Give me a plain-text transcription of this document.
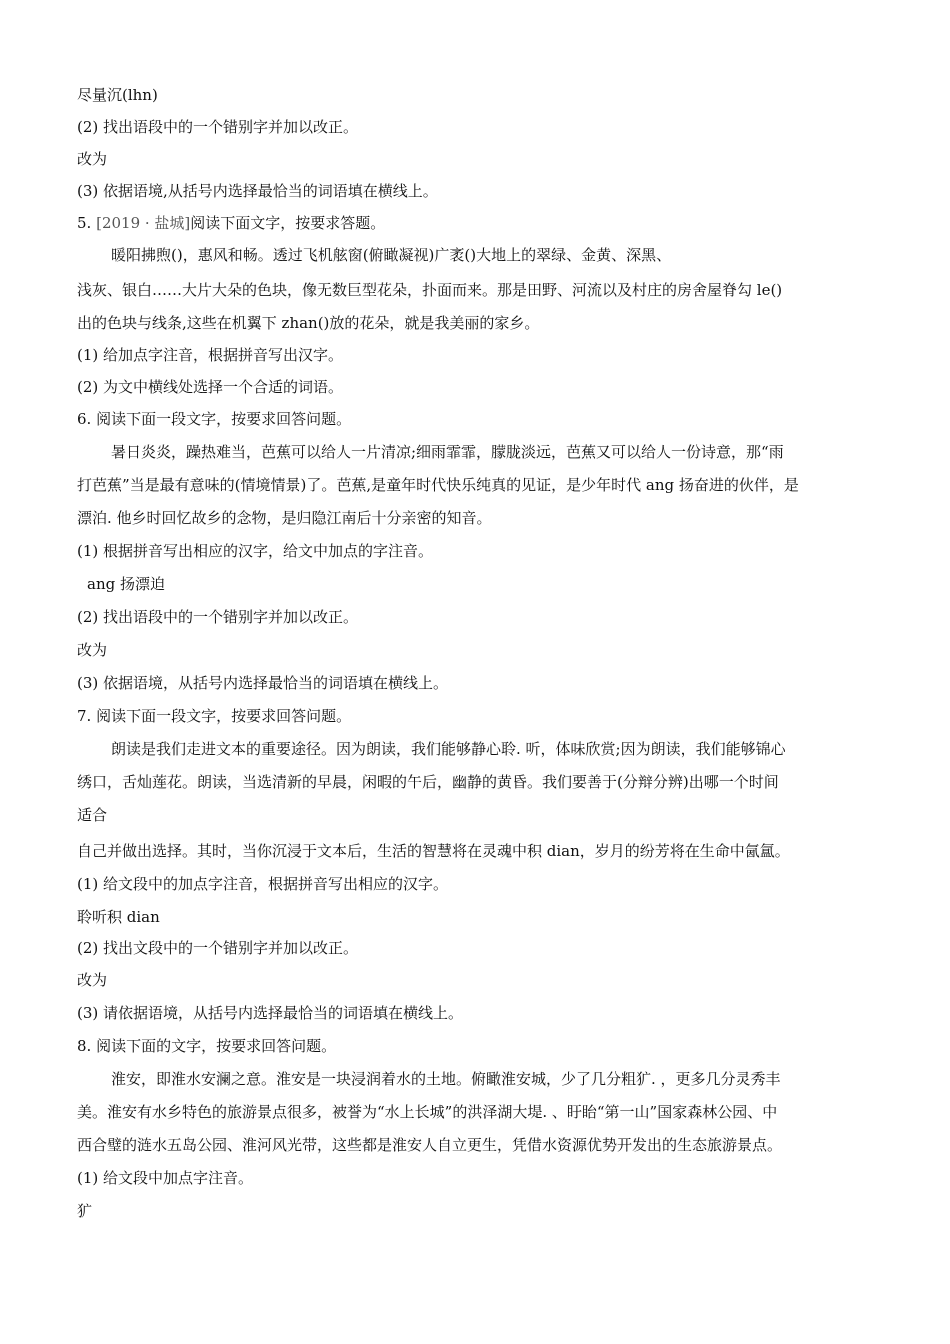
尽量沉(lhn)
(2) 找出语段中的一个错别字并加以改正。
改为
(3) 依据语境,从括号内选择最恰当的词语填在横线上。
5. [2019 · 盐城]阅读下面文字，按要求答题。
暖阳拂煦()，惠风和畅。透过飞机舷窗(俯瞰凝视)广袤()大地上的翠绿、金黄、深黑、
浅灰、银白……大片大朵的色块，像无数巨型花朵，扑面而来。那是田野、河流以及村庄的房舍屋脊勾 le()
出的色块与线条,这些在机翼下 zhan()放的花朵，就是我美丽的家乡。
(1) 给加点字注音，根据拼音写出汉字。
(2) 为文中横线处选择一个合适的词语。
6. 阅读下面一段文字，按要求回答问题。
暑日炎炎，躁热难当，芭蕉可以给人一片清凉;细雨霏霏，朦胧淡远，芭蕉又可以给人一份诗意，那“雨
打芭蕉”当是最有意味的(情境情景)了。芭蕉,是童年时代快乐纯真的见证，是少年时代 ang 扬奋进的伙伴，是
漂泊. 他乡时回忆故乡的念物，是归隐江南后十分亲密的知音。
(1) 根据拼音写出相应的汉字，给文中加点的字注音。
ang 扬漂迫
(2) 找出语段中的一个错别字并加以改正。
改为
(3) 依据语境，从括号内选择最恰当的词语填在横线上。
7. 阅读下面一段文字，按要求回答问题。
朗读是我们走进文本的重要途径。因为朗读，我们能够静心聆. 听，体味欣赏;因为朗读，我们能够锦心
绣口，舌灿莲花。朗读，当选清新的早晨，闲暇的午后，幽静的黄昏。我们要善于(分辩分辨)出哪一个时间
适合
自己并做出选择。其时，当你沉浸于文本后，生活的智慧将在灵魂中积 dian，岁月的纷芳将在生命中氤氲。
(1) 给文段中的加点字注音，根据拼音写出相应的汉字。
聆听积 dian
(2) 找出文段中的一个错别字并加以改正。
改为
(3) 请依据语境，从括号内选择最恰当的词语填在横线上。
8. 阅读下面的文字，按要求回答问题。
淮安，即淮水安澜之意。淮安是一块浸润着水的土地。俯瞰淮安城，少了几分粗犷. ，更多几分灵秀丰
美。淮安有水乡特色的旅游景点很多，被誉为“水上长城”的洪泽湖大堤. 、盱眙“第一山”国家森林公园、中
西合璧的涟水五岛公园、淮河风光带，这些都是淮安人自立更生，凭借水资源优势开发出的生态旅游景点。
(1) 给文段中加点字注音。
犷
